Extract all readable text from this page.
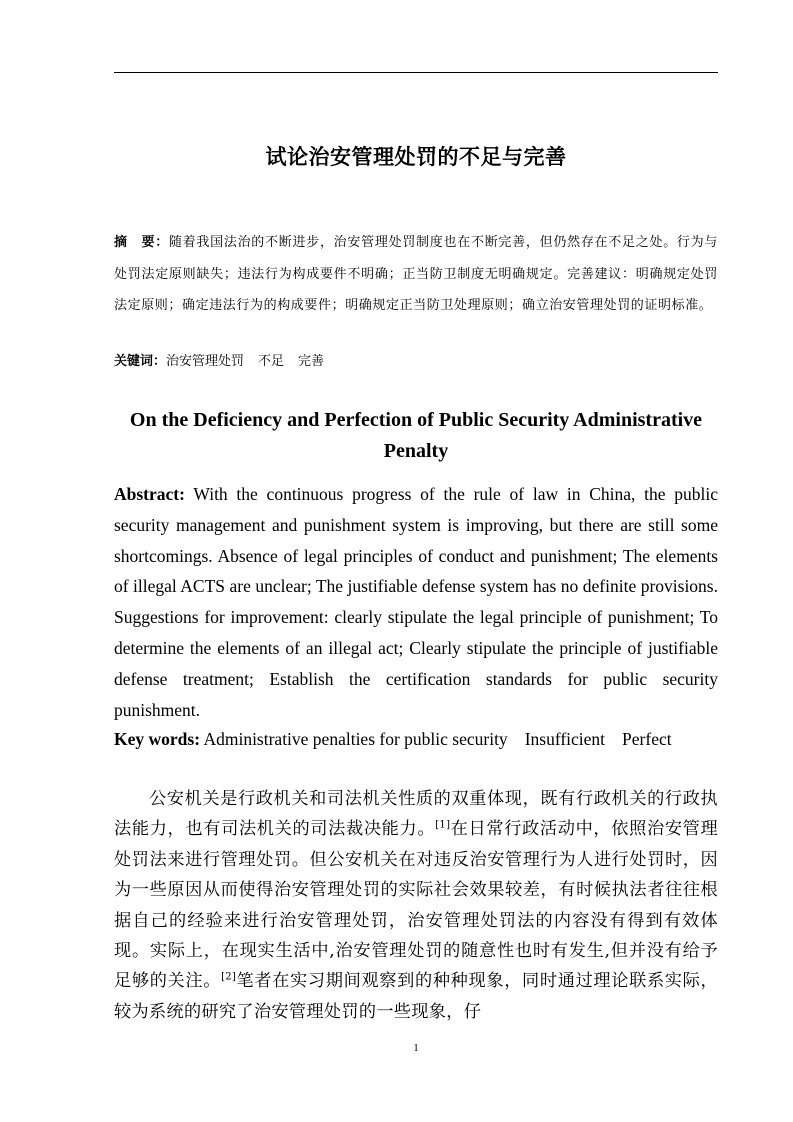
试论治安管理处罚的不足与完善
摘　要：随着我国法治的不断进步，治安管理处罚制度也在不断完善，但仍然存在不足之处。行为与处罚法定原则缺失；违法行为构成要件不明确；正当防卫制度无明确规定。完善建议：明确规定处罚法定原则；确定违法行为的构成要件；明确规定正当防卫处理原则；确立治安管理处罚的证明标准。
关键词：治安管理处罚 不足 完善
On the Deficiency and Perfection of Public Security Administrative Penalty
Abstract: With the continuous progress of the rule of law in China, the public security management and punishment system is improving, but there are still some shortcomings. Absence of legal principles of conduct and punishment; The elements of illegal ACTS are unclear; The justifiable defense system has no definite provisions. Suggestions for improvement: clearly stipulate the legal principle of punishment; To determine the elements of an illegal act; Clearly stipulate the principle of justifiable defense treatment; Establish the certification standards for public security punishment.
Key words: Administrative penalties for public security Insufficient Perfect
公安机关是行政机关和司法机关性质的双重体现，既有行政机关的行政执法能力，也有司法机关的司法裁决能力。[1]在日常行政活动中，依照治安管理处罚法来进行管理处罚。但公安机关在对违反治安管理行为人进行处罚时，因为一些原因从而使得治安管理处罚的实际社会效果较差，有时候执法者往往根据自己的经验来进行治安管理处罚，治安管理处罚法的内容没有得到有效体现。实际上，在现实生活中,治安管理处罚的随意性也时有发生,但并没有给予足够的关注。[2]笔者在实习期间观察到的种种现象，同时通过理论联系实际，较为系统的研究了治安管理处罚的一些现象，仔
1
